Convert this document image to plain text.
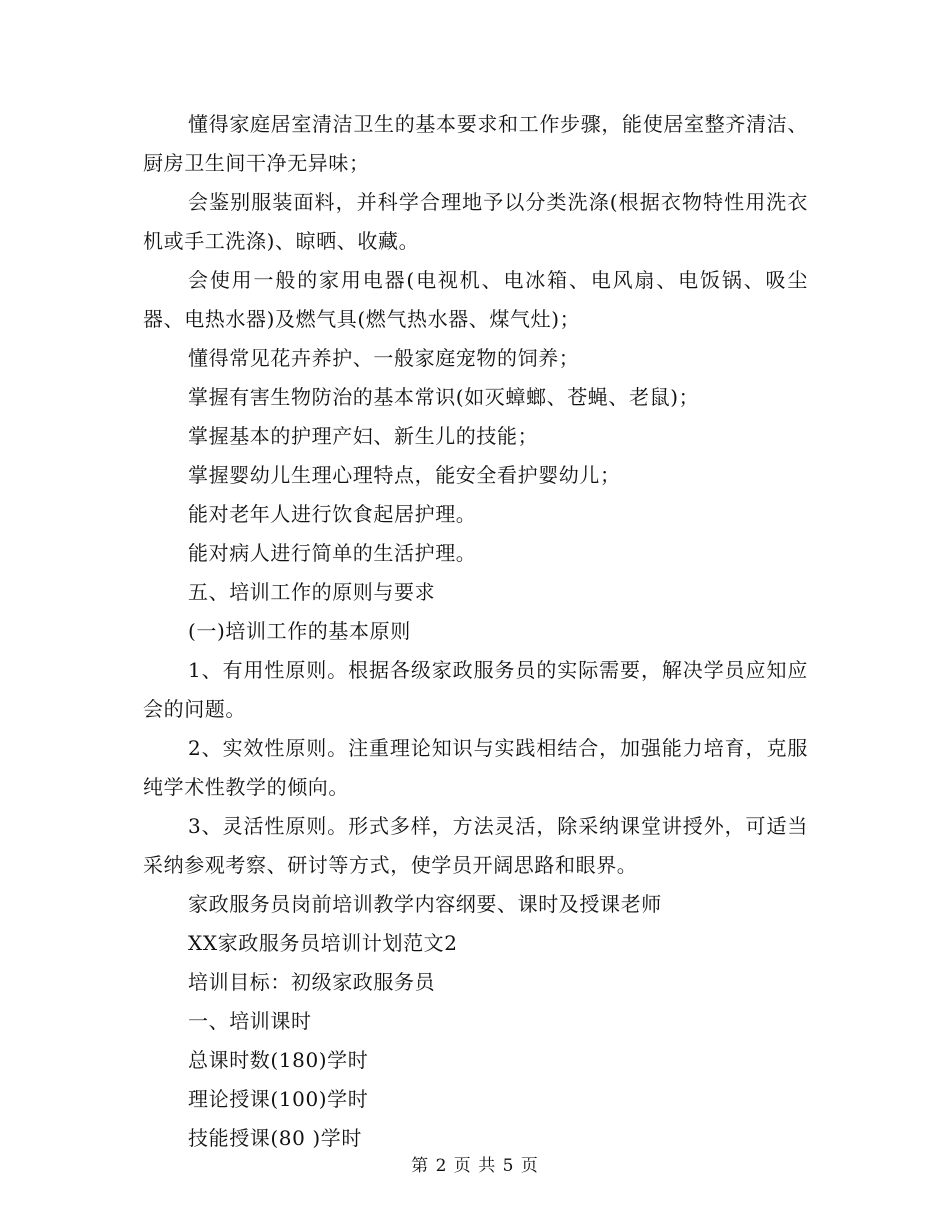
懂得家庭居室清洁卫生的基本要求和工作步骤，能使居室整齐清洁、厨房卫生间干净无异味；

会鉴别服装面料，并科学合理地予以分类洗涤(根据衣物特性用洗衣机或手工洗涤)、晾晒、收藏。

会使用一般的家用电器(电视机、电冰箱、电风扇、电饭锅、吸尘器、电热水器)及燃气具(燃气热水器、煤气灶)；

懂得常见花卉养护、一般家庭宠物的饲养；

掌握有害生物防治的基本常识(如灭蟑螂、苍蝇、老鼠)；

掌握基本的护理产妇、新生儿的技能；

掌握婴幼儿生理心理特点，能安全看护婴幼儿；

能对老年人进行饮食起居护理。

能对病人进行简单的生活护理。

五、培训工作的原则与要求

(一)培训工作的基本原则

1、有用性原则。根据各级家政服务员的实际需要，解决学员应知应会的问题。

2、实效性原则。注重理论知识与实践相结合，加强能力培育，克服纯学术性教学的倾向。

3、灵活性原则。形式多样，方法灵活，除采纳课堂讲授外，可适当采纳参观考察、研讨等方式，使学员开阔思路和眼界。

家政服务员岗前培训教学内容纲要、课时及授课老师

XX家政服务员培训计划范文2

培训目标：初级家政服务员

一、培训课时

总课时数(180)学时

理论授课(100)学时

技能授课(80 )学时

第 2 页 共 5 页
